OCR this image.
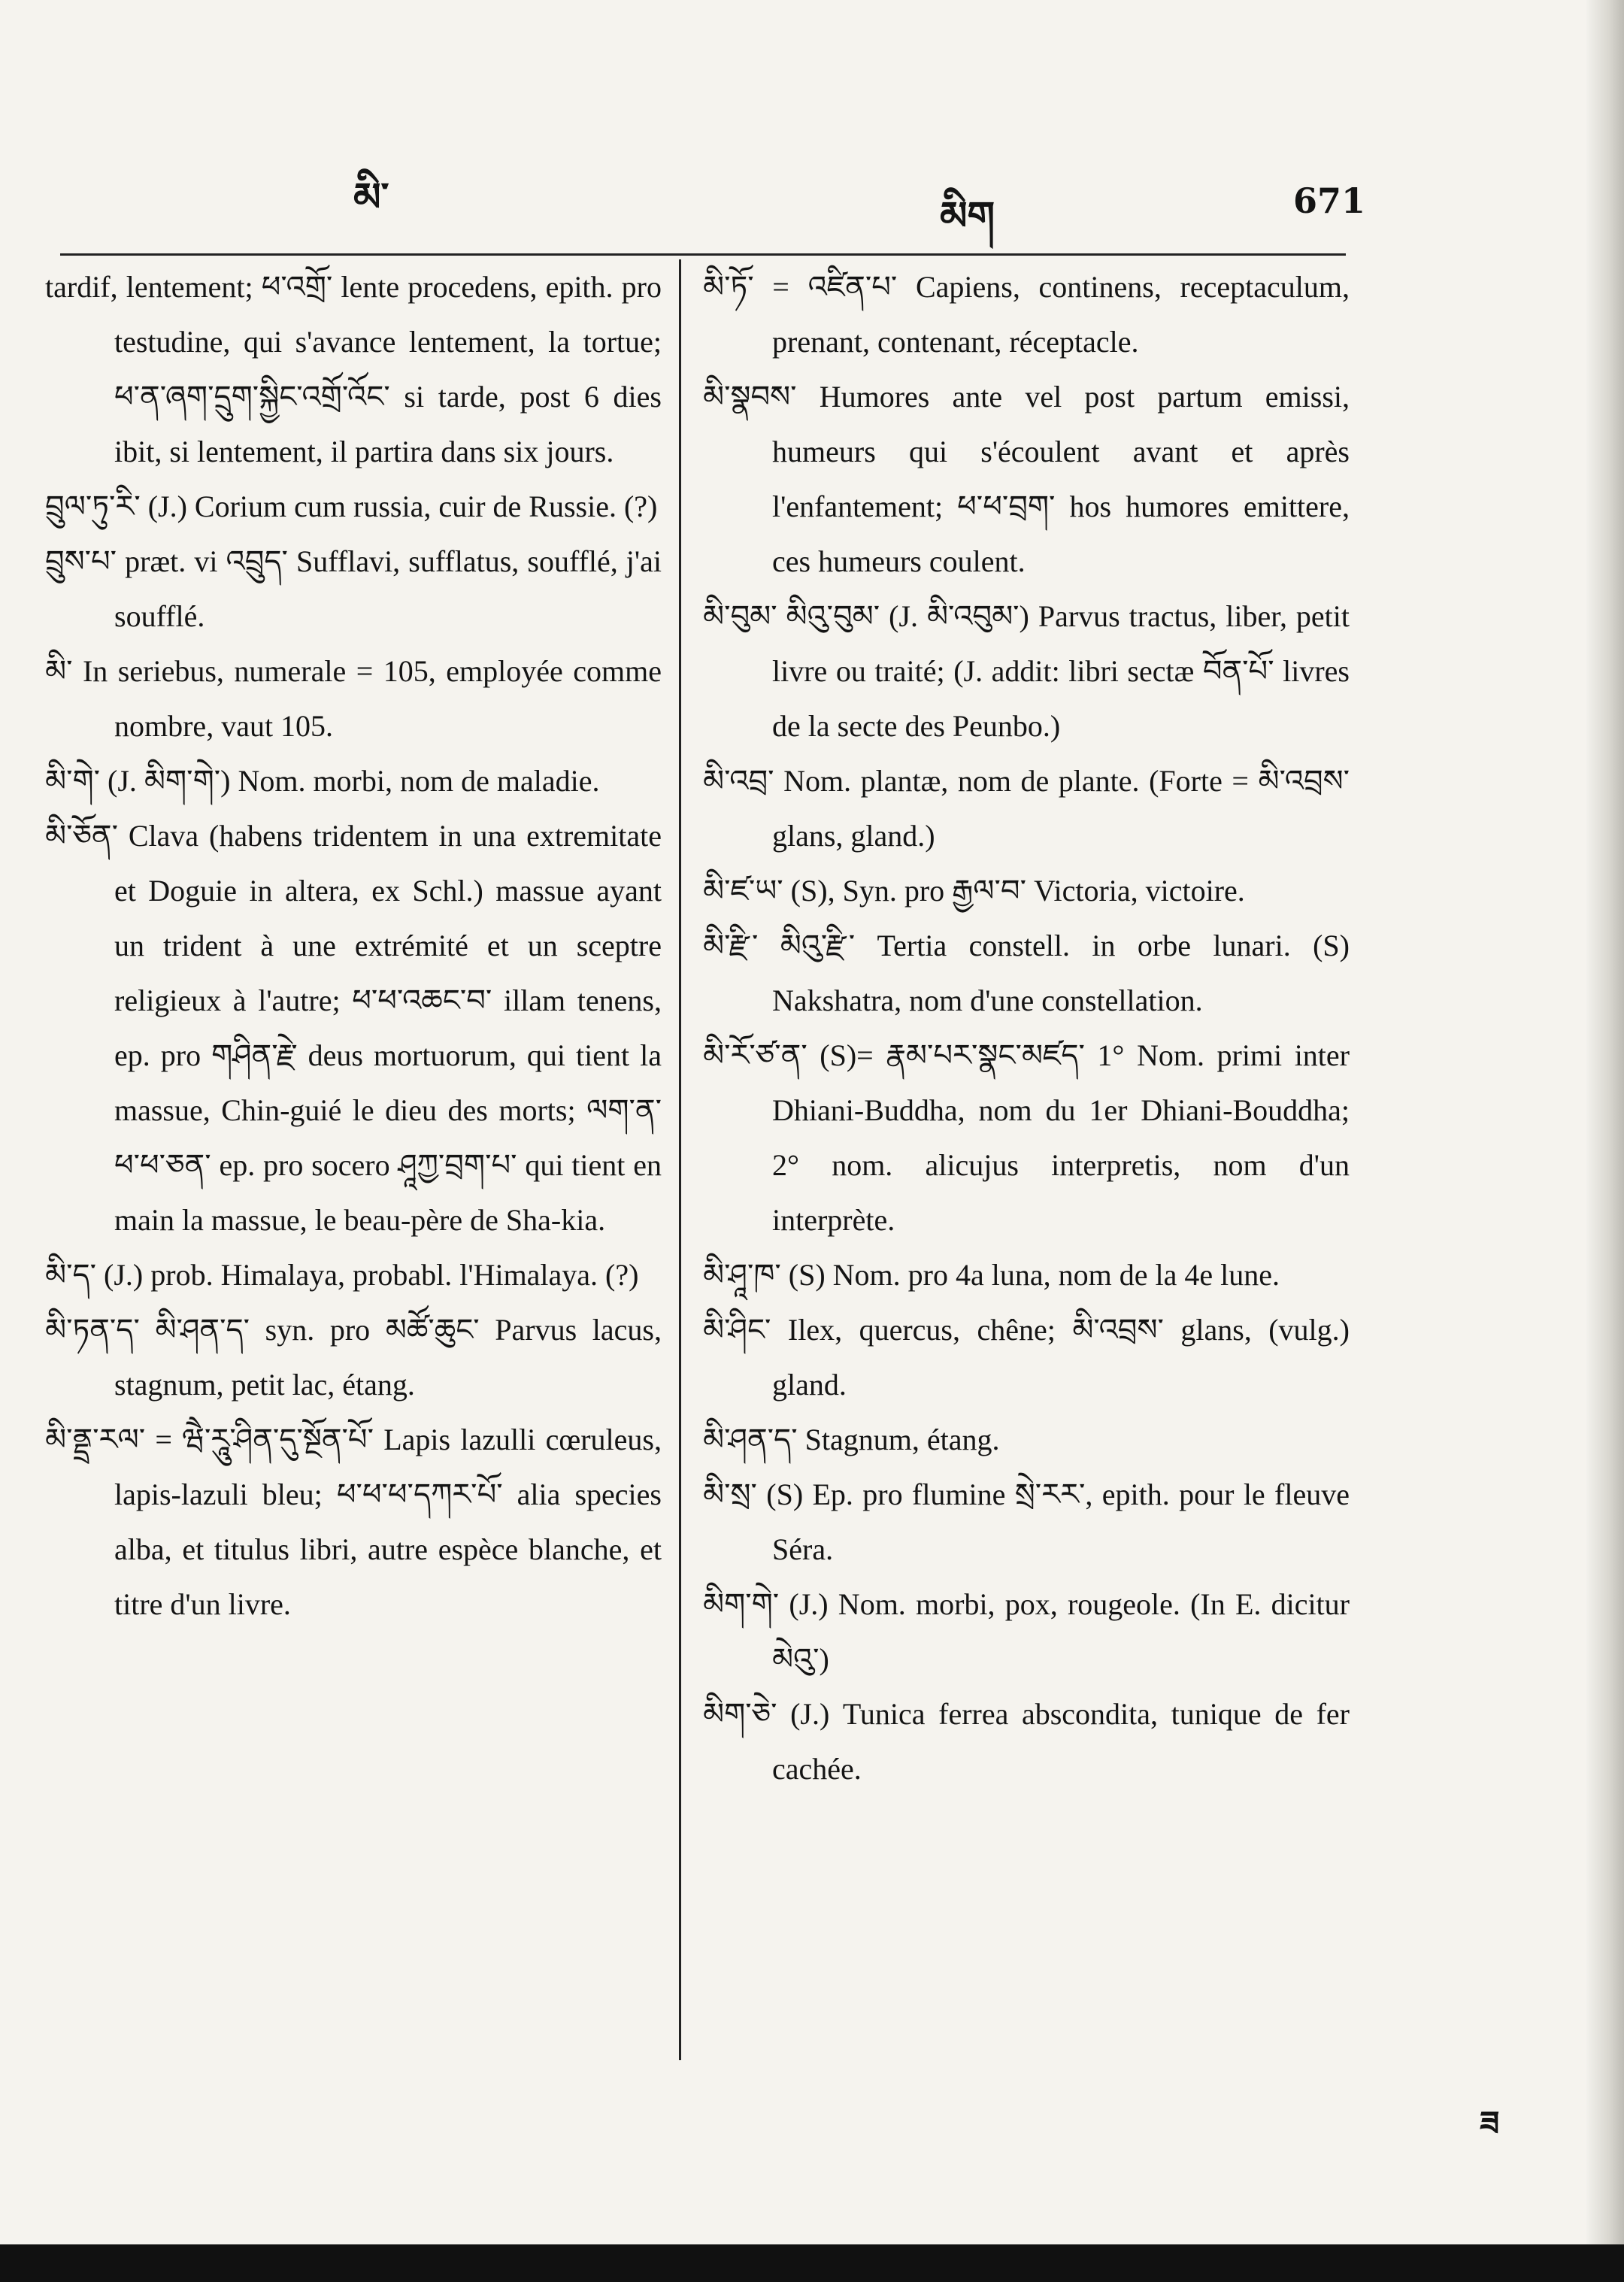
མི་	མིག	671

tardif, lentement; ཕ་འགྲོ་ lente procedens, epith. pro testudine, qui s'avance lentement, la tortue; ཕ་ན་ཞག་དྲུག་སྐྱིང་འགྲོ་འོང་ si tarde, post 6 dies ibit, si lentement, il partira dans six jours.

བྲུལ་ཏུ་རི་ (J.) Corium cum russia, cuir de Russie. (?)

བྲུས་པ་ præt. vi འབྲུད་ Sufflavi, sufflatus, soufflé, j'ai soufflé.

མི་ In seriebus, numerale = 105, employée comme nombre, vaut 105.

མི་གེ་ (J. མིག་གེ་) Nom. morbi, nom de maladie.

མི་ཅོན་ Clava (habens tridentem in una extremitate et Doguie in altera, ex Schl.) massue ayant un trident à une extrémité et un sceptre religieux à l'autre; ཕ་ཕ་འཆང་བ་ illam tenens, ep. pro གཤིན་རྗེ་ deus mortuorum, qui tient la massue, Chin-guié le dieu des morts; ལག་ན་ཕ་ཕ་ཅན་ ep. pro socero ཤཱཀྱ་བྲག་པ་ qui tient en main la massue, le beau-père de Sha-kia.

མི་ད་ (J.) prob. Himalaya, probabl. l'Himalaya. (?)

མི་ཏན་ད་ མི་ཤན་ད་ syn. pro མཚོ་ཆུང་ Parvus lacus, stagnum, petit lac, étang.

མི་ནྡྲ་རལ་ = ཝཻ་རཱུ་ཤིན་དུ་སྔོན་པོ་ Lapis lazulli cœruleus, lapis-lazuli bleu; ཕ་ཕ་ཕ་དཀར་པོ་ alia species alba, et titulus libri, autre espèce blanche, et titre d'un livre.

མི་ཏོ་ = འཛིན་པ་ Capiens, continens, receptaculum, prenant, contenant, réceptacle.

མི་སྣབས་ Humores ante vel post partum emissi, humeurs qui s'écoulent avant et après l'enfantement; ཕ་ཕ་བྲག་ hos humores emittere, ces humeurs coulent.

མི་བུམ་ མིའུ་བུམ་ (J. མི་འབུམ་) Parvus tractus, liber, petit livre ou traité; (J. addit: libri sectæ བོན་པོ་ livres de la secte des Peunbo.)

མི་འབྲ་ Nom. plantæ, nom de plante. (Forte = མི་འབྲས་ glans, gland.)

མི་ཛ་ཡ་ (S), Syn. pro རྒྱལ་བ་ Victoria, victoire.

མི་རྫི་ མིའུ་རྫི་ Tertia constell. in orbe lunari. (S) Nakshatra, nom d'une constellation.

མི་རོ་ཙ་ན་ (S)= རྣམ་པར་སྣང་མཛད་ 1° Nom. primi inter Dhiani-Buddha, nom du 1er Dhiani-Bouddha; 2° nom. alicujus interpretis, nom d'un interprète.

མི་ཤཱ་ཁ་ (S) Nom. pro 4a luna, nom de la 4e lune.

མི་ཤིང་ Ilex, quercus, chêne; མི་འབྲས་ glans, (vulg.) gland.

མི་ཤན་ད་ Stagnum, étang.

མི་སྲ་ (S) Ep. pro flumine སྲེ་རར་, epith. pour le fleuve Séra.

མིག་གེ་ (J.) Nom. morbi, pox, rougeole. (In E. dicitur མེའུ་)

མིག་ཅེ་ (J.) Tunica ferrea abscondita, tunique de fer cachée.

ཟ
